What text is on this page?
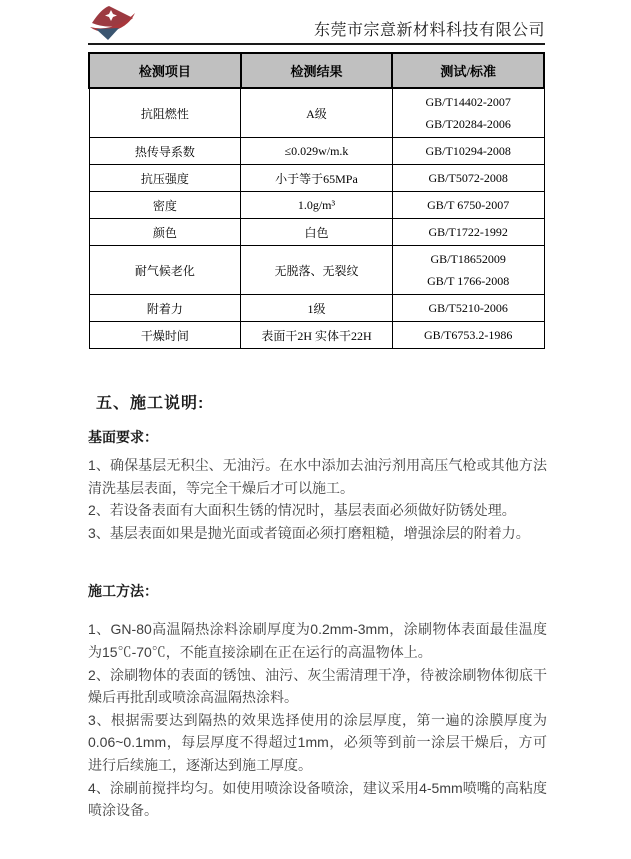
东莞市宗意新材料科技有限公司
检测项目	检测结果	测试/标准
抗阻燃性	A级	GB/T14402-2007
GB/T20284-2006

热传导系数	≤0.029w/m.k	GB/T10294-2008

抗压强度	小于等于65MPa	GB/T5072-2008

密度	1.0g/m³	GB/T 6750-2007

颜色	白色	GB/T1722-1992

耐气候老化	无脱落、无裂纹	GB/T18652009
GB/T 1766-2008

附着力	1级	GB/T5210-2006

干燥时间	表面干2H 实体干22H	GB/T6753.2-1986
五、施工说明:
基面要求：

1、确保基层无积尘、无油污。在水中添加去油污剂用高压气枪或其他方法清洗基层表面，等完全干燥后才可以施工。

2、若设备表面有大面积生锈的情况时，基层表面必须做好防锈处理。

3、基层表面如果是抛光面或者镜面必须打磨粗糙，增强涂层的附着力。

施工方法：

1、GN-80高温隔热涂料涂刷厚度为0.2mm-3mm，涂刷物体表面最佳温度为15℃-70℃，不能直接涂刷在正在运行的高温物体上。

2、涂刷物体的表面的锈蚀、油污、灰尘需清理干净，待被涂刷物体彻底干燥后再批刮或喷涂高温隔热涂料。

3、根据需要达到隔热的效果选择使用的涂层厚度，第一遍的涂膜厚度为0.06~0.1mm，每层厚度不得超过1mm，必须等到前一涂层干燥后，方可进行后续施工，逐渐达到施工厚度。

4、涂刷前搅拌均匀。如使用喷涂设备喷涂，建议采用4-5mm喷嘴的高粘度喷涂设备。
